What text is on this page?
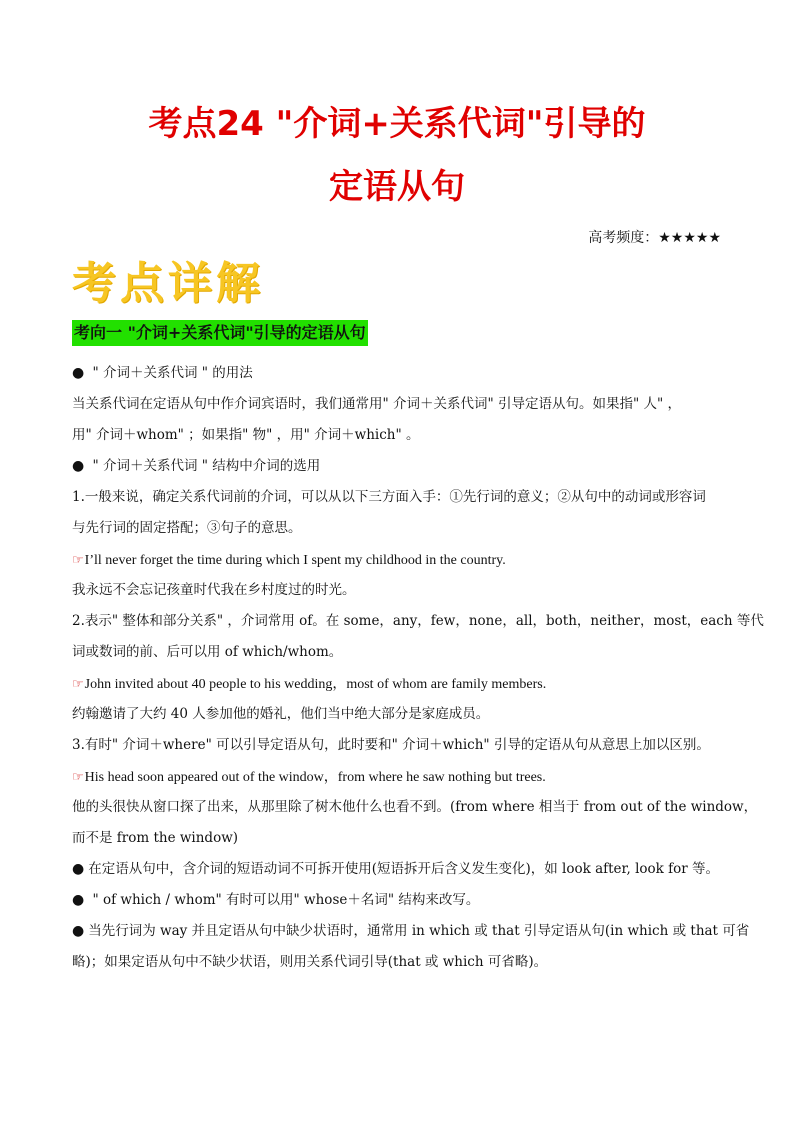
考点24 "介词+关系代词"引导的
定语从句
高考频度：★★★★★
考点详解
考向一 "介词+关系代词"引导的定语从句
● " 介词＋关系代词 " 的用法
当关系代词在定语从句中作介词宾语时，我们通常用" 介词＋关系代词" 引导定语从句。如果指" 人" ，
用" 介词＋whom" ；如果指" 物" ，用" 介词＋which" 。
● " 介词＋关系代词 " 结构中介词的选用
1.一般来说，确定关系代词前的介词，可以从以下三方面入手：①先行词的意义；②从句中的动词或形容词
与先行词的固定搭配；③句子的意思。
☞I’ll never forget the time during which I spent my childhood in the country.
我永远不会忘记孩童时代我在乡村度过的时光。
2.表示" 整体和部分关系" ，介词常用 of。在 some，any，few，none，all，both，neither，most，each 等代
词或数词的前、后可以用 of which/whom。
☞John invited about 40 people to his wedding，most of whom are family members.
约翰邀请了大约 40 人参加他的婚礼，他们当中绝大部分是家庭成员。
3.有时" 介词＋where" 可以引导定语从句，此时要和" 介词＋which" 引导的定语从句从意思上加以区别。
☞His head soon appeared out of the window，from where he saw nothing but trees.
他的头很快从窗口探了出来，从那里除了树木他什么也看不到。(from where 相当于 from out of the window，
而不是 from the window)
● 在定语从句中，含介词的短语动词不可拆开使用(短语拆开后含义发生变化)，如 look after, look for 等。
● " of which / whom" 有时可以用" whose＋名词" 结构来改写。
● 当先行词为 way 并且定语从句中缺少状语时，通常用 in which 或 that 引导定语从句(in which 或 that 可省
略)；如果定语从句中不缺少状语，则用关系代词引导(that 或 which 可省略)。
